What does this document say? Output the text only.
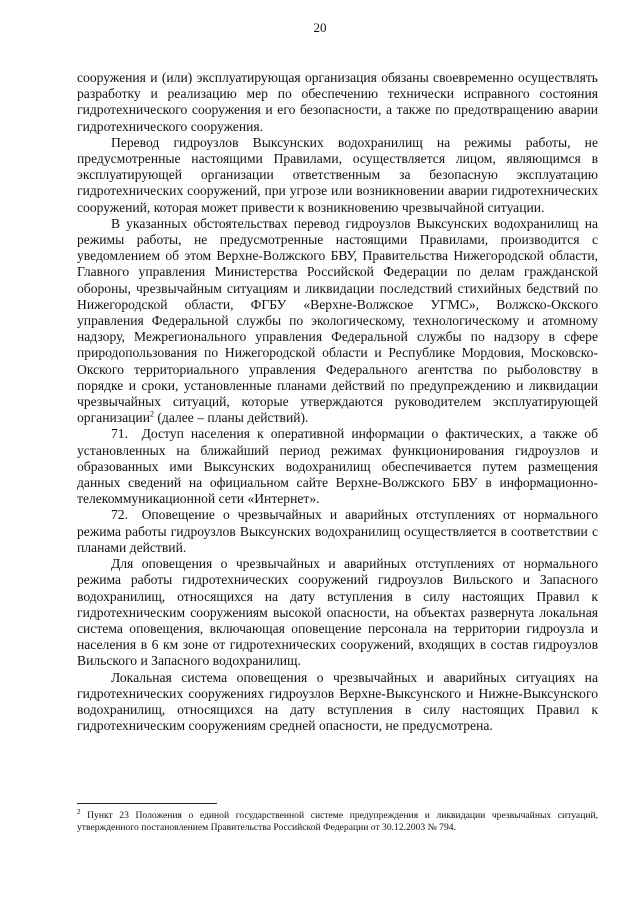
20

сооружения и (или) эксплуатирующая организация обязаны своевременно осуществлять разработку и реализацию мер по обеспечению технически исправного состояния гидротехнического сооружения и его безопасности, а также по предотвращению аварии гидротехнического сооружения.

Перевод гидроузлов Выксунских водохранилищ на режимы работы, не предусмотренные настоящими Правилами, осуществляется лицом, являющимся в эксплуатирующей организации ответственным за безопасную эксплуатацию гидротехнических сооружений, при угрозе или возникновении аварии гидротехнических сооружений, которая может привести к возникновению чрезвычайной ситуации.

В указанных обстоятельствах перевод гидроузлов Выксунских водохранилищ на режимы работы, не предусмотренные настоящими Правилами, производится с уведомлением об этом Верхне-Волжского БВУ, Правительства Нижегородской области, Главного управления Министерства Российской Федерации по делам гражданской обороны, чрезвычайным ситуациям и ликвидации последствий стихийных бедствий по Нижегородской области, ФГБУ «Верхне-Волжское УГМС», Волжско-Окского управления Федеральной службы по экологическому, технологическому и атомному надзору, Межрегионального управления Федеральной службы по надзору в сфере природопользования по Нижегородской области и Республике Мордовия, Московско-Окского территориального управления Федерального агентства по рыболовству в порядке и сроки, установленные планами действий по предупреждению и ликвидации чрезвычайных ситуаций, которые утверждаются руководителем эксплуатирующей организации$^2$ (далее – планы действий).

71. Доступ населения к оперативной информации о фактических, а также об установленных на ближайший период режимах функционирования гидроузлов и образованных ими Выксунских водохранилищ обеспечивается путем размещения данных сведений на официальном сайте Верхне-Волжского БВУ в информационно-телекоммуникационной сети «Интернет».

72. Оповещение о чрезвычайных и аварийных отступлениях от нормального режима работы гидроузлов Выксунских водохранилищ осуществляется в соответствии с планами действий.

Для оповещения о чрезвычайных и аварийных отступлениях от нормального режима работы гидротехнических сооружений гидроузлов Вильского и Запасного водохранилищ, относящихся на дату вступления в силу настоящих Правил к гидротехническим сооружениям высокой опасности, на объектах развернута локальная система оповещения, включающая оповещение персонала на территории гидроузла и населения в 6 км зоне от гидротехнических сооружений, входящих в состав гидроузлов Вильского и Запасного водохранилищ.

Локальная система оповещения о чрезвычайных и аварийных ситуациях на гидротехнических сооружениях гидроузлов Верхне-Выксунского и Нижне-Выксунского водохранилищ, относящихся на дату вступления в силу настоящих Правил к гидротехническим сооружениям средней опасности, не предусмотрена.

$^2$ Пункт 23 Положения о единой государственной системе предупреждения и ликвидации чрезвычайных ситуаций, утвержденного постановлением Правительства Российской Федерации от 30.12.2003 № 794.
